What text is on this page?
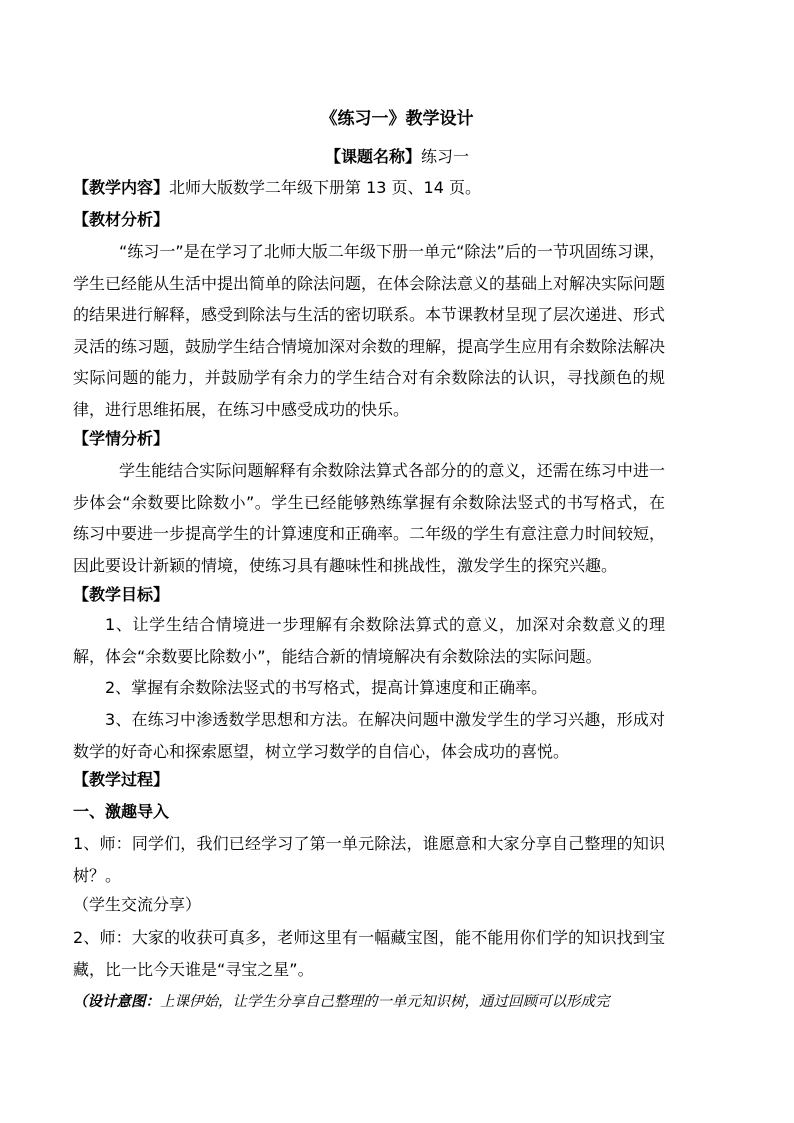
《练习一》教学设计
【课题名称】练习一
【教学内容】北师大版数学二年级下册第 13 页、14 页。
【教材分析】

“练习一”是在学习了北师大版二年级下册一单元“除法”后的一节巩固练习课，学生已经能从生活中提出简单的除法问题，在体会除法意义的基础上对解决实际问题的结果进行解释，感受到除法与生活的密切联系。本节课教材呈现了层次递进、形式灵活的练习题，鼓励学生结合情境加深对余数的理解，提高学生应用有余数除法解决实际问题的能力，并鼓励学有余力的学生结合对有余数除法的认识，寻找颜色的规律，进行思维拓展，在练习中感受成功的快乐。

【学情分析】

学生能结合实际问题解释有余数除法算式各部分的的意义，还需在练习中进一步体会“余数要比除数小”。学生已经能够熟练掌握有余数除法竖式的书写格式，在练习中要进一步提高学生的计算速度和正确率。二年级的学生有意注意力时间较短，因此要设计新颖的情境，使练习具有趣味性和挑战性，激发学生的探究兴趣。

【教学目标】

1、让学生结合情境进一步理解有余数除法算式的意义，加深对余数意义的理解，体会“余数要比除数小”，能结合新的情境解决有余数除法的实际问题。

2、掌握有余数除法竖式的书写格式，提高计算速度和正确率。

3、在练习中渗透数学思想和方法。在解决问题中激发学生的学习兴趣，形成对数学的好奇心和探索愿望，树立学习数学的自信心，体会成功的喜悦。

【教学过程】
一、激趣导入

1、师：同学们，我们已经学习了第一单元除法，谁愿意和大家分享自己整理的知识树？。

（学生交流分享）

2、师：大家的收获可真多，老师这里有一幅藏宝图，能不能用你们学的知识找到宝藏，比一比今天谁是“寻宝之星”。

（设计意图：上课伊始，让学生分享自己整理的一单元知识树，通过回顾可以形成完
